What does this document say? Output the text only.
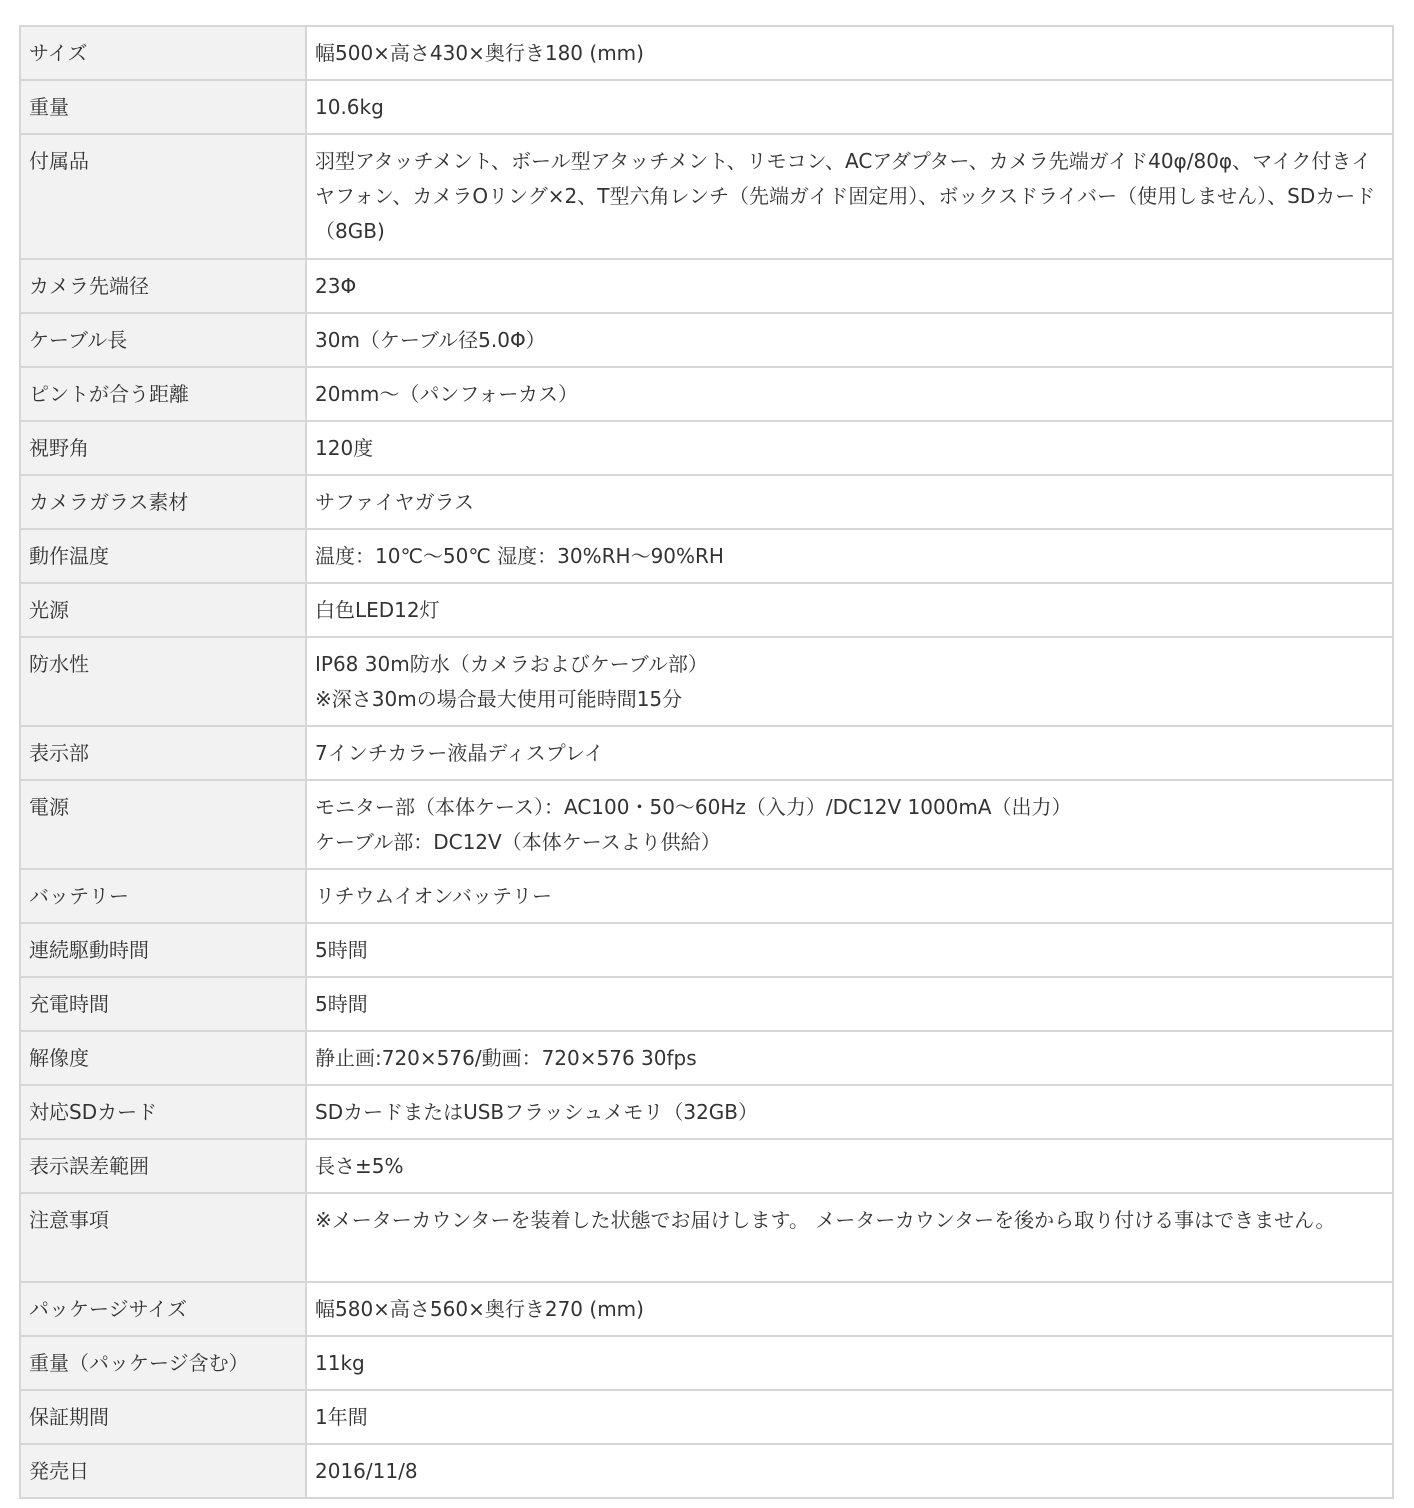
サイズ	幅500×高さ430×奥行き180 (mm)

重量	10.6kg

付属品	羽型アタッチメント、ボール型アタッチメント、リモコン、ACアダプター、カメラ先端ガイド40φ/80φ、マイク付きイヤフォン、カメラOリング×2、T型六角レンチ（先端ガイド固定用）、ボックスドライバー（使用しません）、SDカード（8GB)

カメラ先端径	23Φ

ケーブル長	30m（ケーブル径5.0Φ）

ピントが合う距離	20mm～（パンフォーカス）

視野角	120度

カメラガラス素材	サファイヤガラス

動作温度	温度：10℃～50℃ 湿度：30%RH～90%RH

光源	白色LED12灯

防水性	IP68 30m防水（カメラおよびケーブル部）
※深さ30mの場合最大使用可能時間15分

表示部	7インチカラー液晶ディスプレイ

電源	モニター部（本体ケース）：AC100・50～60Hz（入力）/DC12V 1000mA（出力）
ケーブル部：DC12V（本体ケースより供給）

バッテリー	リチウムイオンバッテリー

連続駆動時間	5時間

充電時間	5時間

解像度	静止画:720×576/動画：720×576 30fps

対応SDカード	SDカードまたはUSBフラッシュメモリ（32GB）

表示誤差範囲	長さ±5%

注意事項	※メーターカウンターを装着した状態でお届けします。 メーターカウンターを後から取り付ける事はできません。

パッケージサイズ	幅580×高さ560×奥行き270 (mm)

重量（パッケージ含む）	11kg

保証期間	1年間

発売日	2016/11/8
